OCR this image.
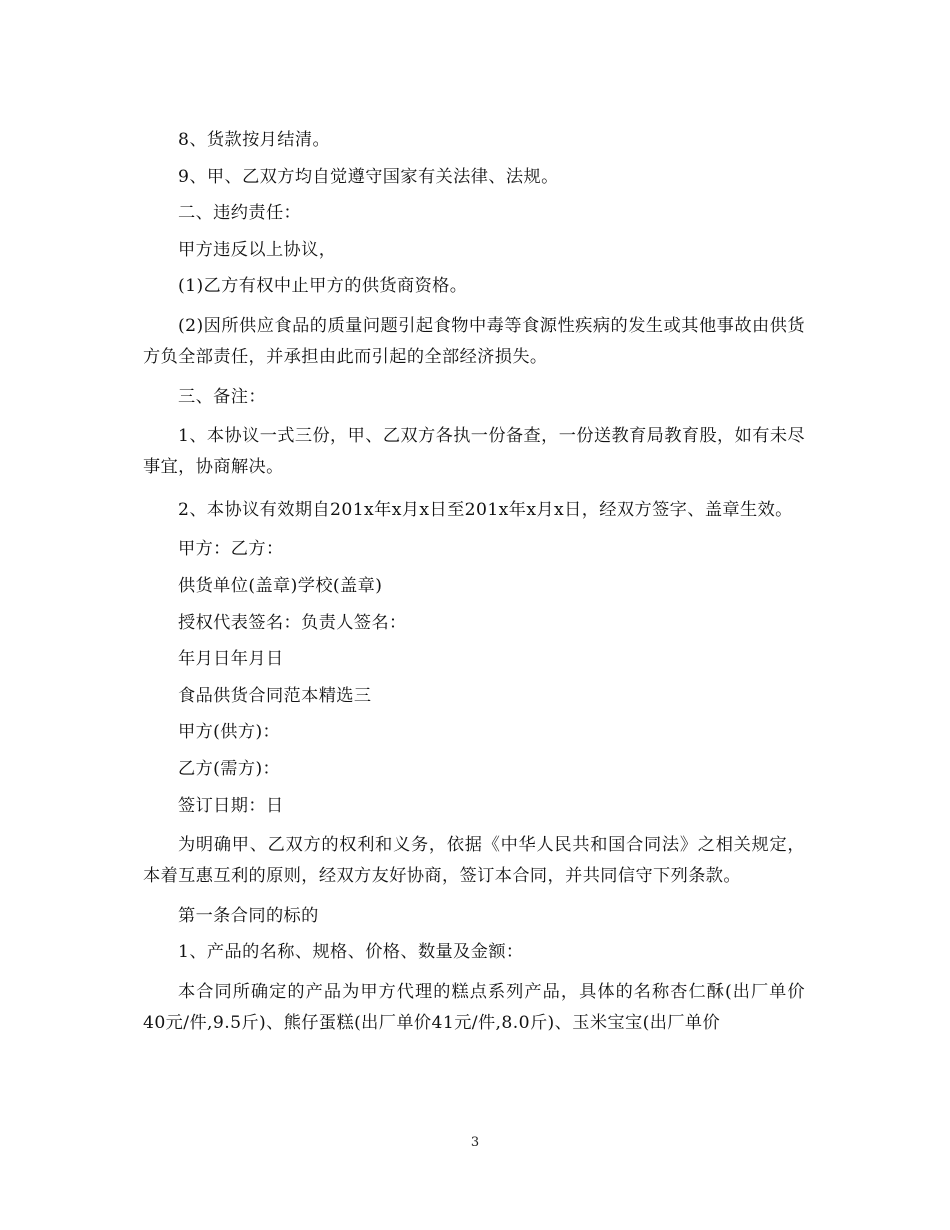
8、货款按月结清。

9、甲、乙双方均自觉遵守国家有关法律、法规。

二、违约责任：

甲方违反以上协议，

(1)乙方有权中止甲方的供货商资格。

(2)因所供应食品的质量问题引起食物中毒等食源性疾病的发生或其他事故由供货方负全部责任，并承担由此而引起的全部经济损失。

三、备注：

1、本协议一式三份，甲、乙双方各执一份备查，一份送教育局教育股，如有未尽事宜，协商解决。

2、本协议有效期自201x年x月x日至201x年x月x日，经双方签字、盖章生效。

甲方：乙方：

供货单位(盖章)学校(盖章)

授权代表签名：负责人签名：

年月日年月日

食品供货合同范本精选三

甲方(供方)：

乙方(需方)：

签订日期：日

为明确甲、乙双方的权利和义务，依据《中华人民共和国合同法》之相关规定，本着互惠互利的原则，经双方友好协商，签订本合同，并共同信守下列条款。

第一条合同的标的

1、产品的名称、规格、价格、数量及金额：

本合同所确定的产品为甲方代理的糕点系列产品，具体的名称杏仁酥(出厂单价40元/件,9.5斤)、熊仔蛋糕(出厂单价41元/件,8.0斤)、玉米宝宝(出厂单价

3
